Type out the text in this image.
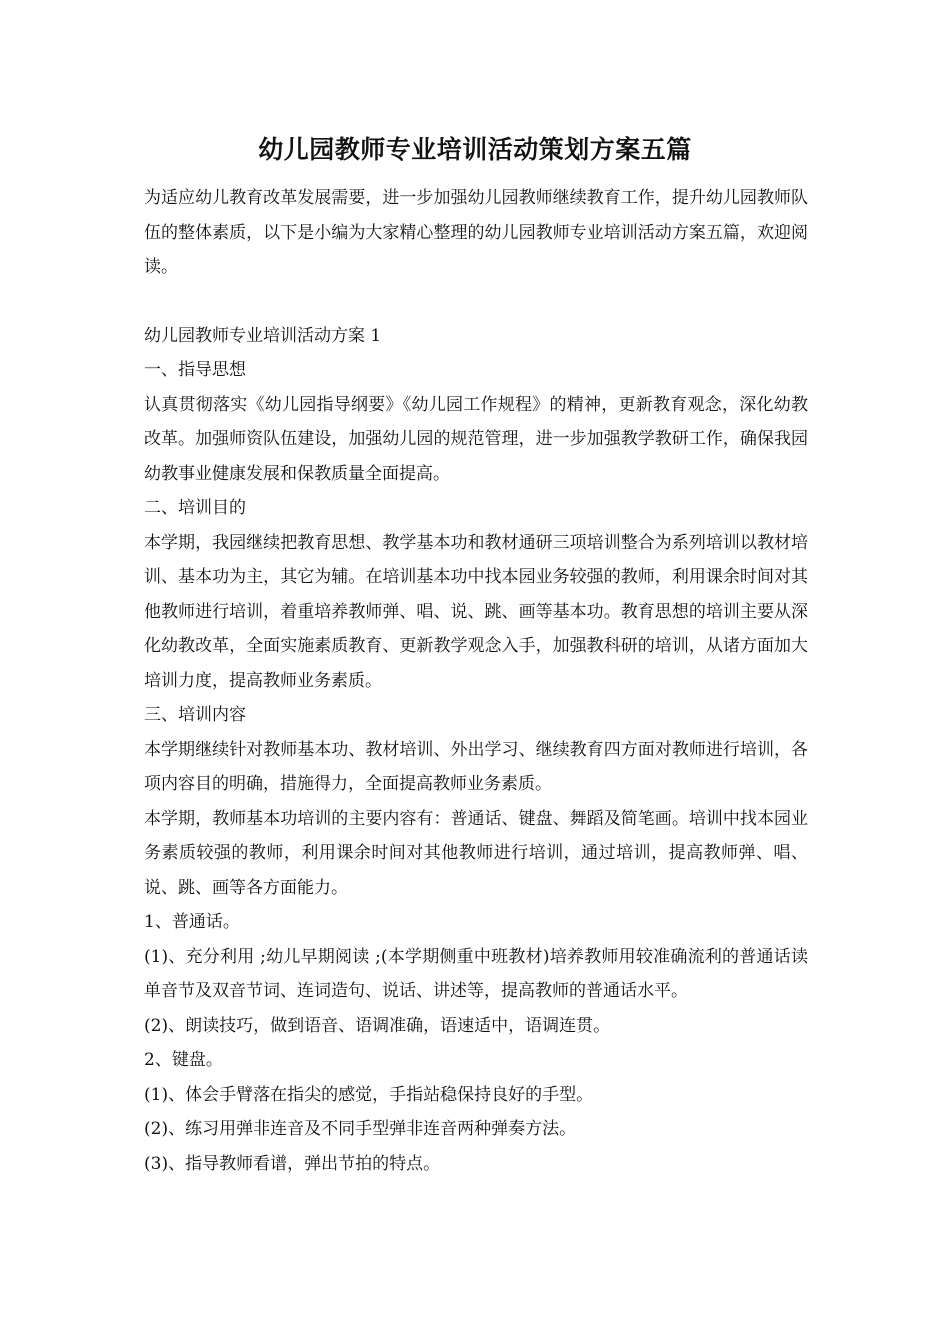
幼儿园教师专业培训活动策划方案五篇

为适应幼儿教育改革发展需要，进一步加强幼儿园教师继续教育工作，提升幼儿园教师队伍的整体素质，以下是小编为大家精心整理的幼儿园教师专业培训活动方案五篇，欢迎阅读。

幼儿园教师专业培训活动方案 1

一、指导思想

认真贯彻落实《幼儿园指导纲要》《幼儿园工作规程》的精神，更新教育观念，深化幼教改革。加强师资队伍建设，加强幼儿园的规范管理，进一步加强教学教研工作，确保我园幼教事业健康发展和保教质量全面提高。

二、培训目的

本学期，我园继续把教育思想、教学基本功和教材通研三项培训整合为系列培训以教材培训、基本功为主，其它为辅。在培训基本功中找本园业务较强的教师，利用课余时间对其他教师进行培训，着重培养教师弹、唱、说、跳、画等基本功。教育思想的培训主要从深化幼教改革，全面实施素质教育、更新教学观念入手，加强教科研的培训，从诸方面加大培训力度，提高教师业务素质。

三、培训内容

本学期继续针对教师基本功、教材培训、外出学习、继续教育四方面对教师进行培训，各项内容目的明确，措施得力，全面提高教师业务素质。

本学期，教师基本功培训的主要内容有：普通话、键盘、舞蹈及简笔画。培训中找本园业务素质较强的教师，利用课余时间对其他教师进行培训，通过培训，提高教师弹、唱、说、跳、画等各方面能力。

1、普通话。

(1)、充分利用 ;幼儿早期阅读 ;(本学期侧重中班教材)培养教师用较准确流利的普通话读单音节及双音节词、连词造句、说话、讲述等，提高教师的普通话水平。

(2)、朗读技巧，做到语音、语调准确，语速适中，语调连贯。

2、键盘。

(1)、体会手臂落在指尖的感觉，手指站稳保持良好的手型。

(2)、练习用弹非连音及不同手型弹非连音两种弹奏方法。

(3)、指导教师看谱，弹出节拍的特点。
